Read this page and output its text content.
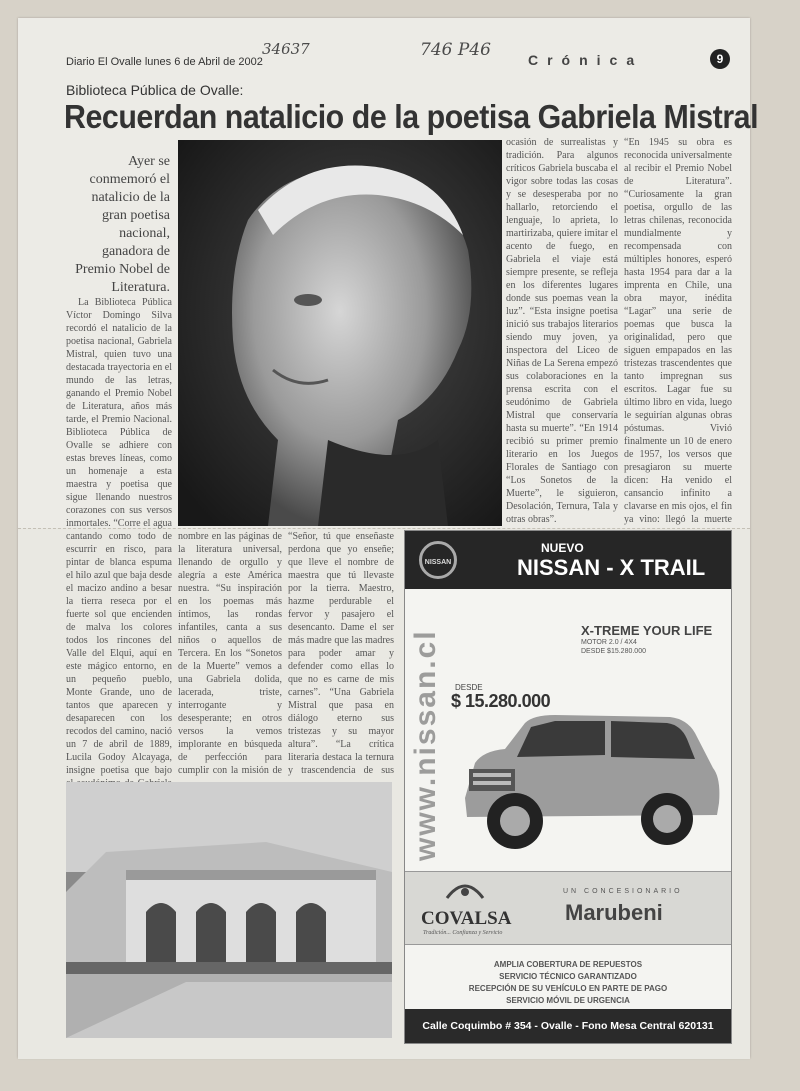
Diario El Ovalle lunes 6 de Abril de 2002
34637	746 P46	Crónica	9
Biblioteca Pública de Ovalle:
Recuerdan natalicio de la poetisa Gabriela Mistral
Ayer se conmemoró el natalicio de la gran poetisa nacional, ganadora de Premio Nobel de Literatura.
La Biblioteca Pública Víctor Domingo Silva recordó el natalicio de la poetisa nacional, Gabriela Mistral, quien tuvo una destacada trayectoria en el mundo de las letras, ganando el Premio Nobel de Literatura, años más tarde, el Premio Nacional. Biblioteca Pública de Ovalle se adhiere con estas breves líneas, como un homenaje a esta maestra y poetisa que sigue llenando nuestros corazones con sus versos inmortales. “Corre el agua cantando como todo de escurrir en risco, para pintar de blanca espuma el hilo azul que baja desde el macizo andino a besar la tierra reseca por el fuerte sol que encienden de malva los colores todos los rincones del Valle del Elqui, aquí en este mágico entorno, en un pequeño pueblo, Monte Grande, uno de tantos que aparecen y desaparecen con los recodos del camino, nació un 7 de abril de 1889, Lucila Godoy Alcayaga, insigne poetisa que bajo
ocasión de surrealistas y tradición. Para algunos críticos Gabriela buscaba el vigor sobre todas las cosas y se desesperaba por no hallarlo, retorciendo el lenguaje, lo aprieta, lo martirizaba, quiere imitar el acento de fuego, en Gabriela el viaje está siempre presente, se refleja en los diferentes lugares donde sus poemas vean la luz”. “Esta insigne poetisa inició sus trabajos literarios siendo muy joven, ya inspectora del Liceo de Niñas de La Serena empezó sus colaboraciones en la prensa escrita con el seudónimo de Gabriela Mistral que conservaría hasta su muerte”. “En 1914 recibió su primer premio literario en los Juegos Florales de Santiago con “Los Sonetos de la Muerte”, le siguieron, Desolación, Ternura, Tala y otras obras”.
“En 1945 su obra es reconocida universalmente al recibir el Premio Nobel de Literatura”. “Curiosamente la gran poetisa, orgullo de las letras chilenas, reconocida mundialmente y recompensada con múltiples honores, esperó hasta 1954 para dar a la imprenta en Chile, una obra mayor, inédita “Lagar” una serie de poemas que busca la originalidad, pero que siguen empapados en las tristezas trascendentes que tanto impregnan sus escritos. Lagar fue su último libro en vida, luego le seguirían algunas obras póstumas. Vivió finalmente un 10 de enero de 1957, los versos que presagiaron su muerte dicen: Ha venido el cansancio infinito a clavarse en mis ojos, el fin ya vino: llegó la muerte
nombre en las páginas de la literatura universal, llenando de orgullo y alegría a este América nuestra. “Su inspiración en los poemas más íntimos, las rondas infantiles, canta a sus niños o aquellos de Tercera. En los “Sonetos de la Muerte” vemos a una Gabriela dolida, lacerada, triste, interrogante y desesperante; en otros versos la vemos implorante en búsqueda de perfección para cumplir con la misión de
“Señor, tú que enseñaste perdona que yo enseñe; que lleve el nombre de maestra que tú llevaste por la tierra. Maestro, hazme perdurable el fervor y pasajero el desencanto. Dame el ser más madre que las madres para poder amar y defender como ellas lo que no es carne de mis carnes”. “Una Gabriela Mistral que pasa en diálogo eterno sus tristezas y su mayor altura”. “La crítica literaria destaca la ternura y trascendencia de sus
NISSAN
NUEVO
NISSAN - X TRAIL
www.nissan.cl	X-TREME YOUR LIFE
MOTOR 2.0 / 4X4
DESDE $15.280.000
DESDE
$ 15.280.000
COVALSA
Tradición... Confianza y Servicio
UN CONCESIONARIO
Marubeni
AMPLIA COBERTURA DE REPUESTOS
SERVICIO TÉCNICO GARANTIZADO
RECEPCIÓN DE SU VEHÍCULO EN PARTE DE PAGO
SERVICIO MÓVIL DE URGENCIA
Calle Coquimbo # 354 - Ovalle - Fono Mesa Central 620131
